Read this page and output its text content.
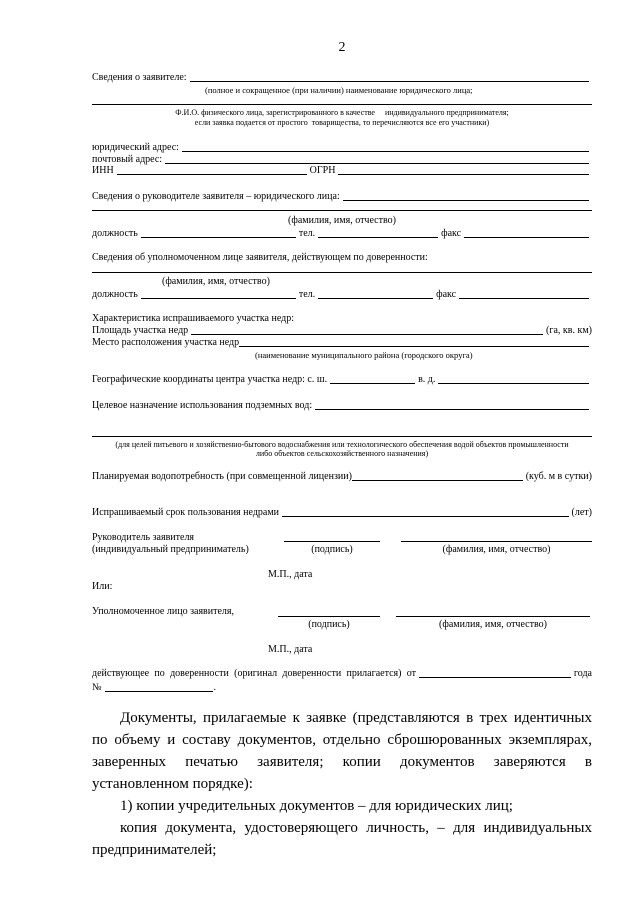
2
Сведения о заявителе:
(полное и сокращенное (при наличии) наименование юридического лица;
Ф.И.О. физического лица, зарегистрированного в качестве     индивидуального предпринимателя;
если заявка подается от простого  товарищества, то перечисляются все его участники)
юридический адрес:
почтовый адрес:
ИНН	ОГРН
Сведения о руководителе заявителя – юридического лица:
(фамилия, имя, отчество)
должность	тел.	факс
Сведения об уполномоченном лице заявителя, действующем по доверенности:
(фамилия, имя, отчество)
должность	тел.	факс
Характеристика испрашиваемого участка недр:
Площадь участка недр	(га, кв. км)
Место расположения участка недр
(наименование муниципального района (городского округа)
Географические координаты центра участка недр: с. ш.	в. д.
Целевое назначение использования подземных вод:
(для целей питьевого и хозяйственно-бытового водоснабжения или технологического обеспечения водой объектов промышленности
либо объектов сельскохозяйственного назначения)
Планируемая водопотребность (при совмещенной лицензии)	(куб. м в сутки)
Испрашиваемый срок пользования недрами	(лет)
Руководитель заявителя
(индивидуальный предприниматель)	(подпись)	(фамилия, имя, отчество)
М.П., дата
Или:
Уполномоченное лицо заявителя,
(подпись)	(фамилия, имя, отчество)
М.П., дата
действующее по доверенности (оригинал доверенности прилагается) от	года
№	.
Документы, прилагаемые к заявке (представляются в трех идентичных
по объему и составу документов, отдельно сброшюрованных экземплярах,
заверенных печатью заявителя; копии документов заверяются в
установленном порядке):
1) копии учредительных документов – для юридических лиц;
копия документа, удостоверяющего личность, – для индивидуальных
предпринимателей;
